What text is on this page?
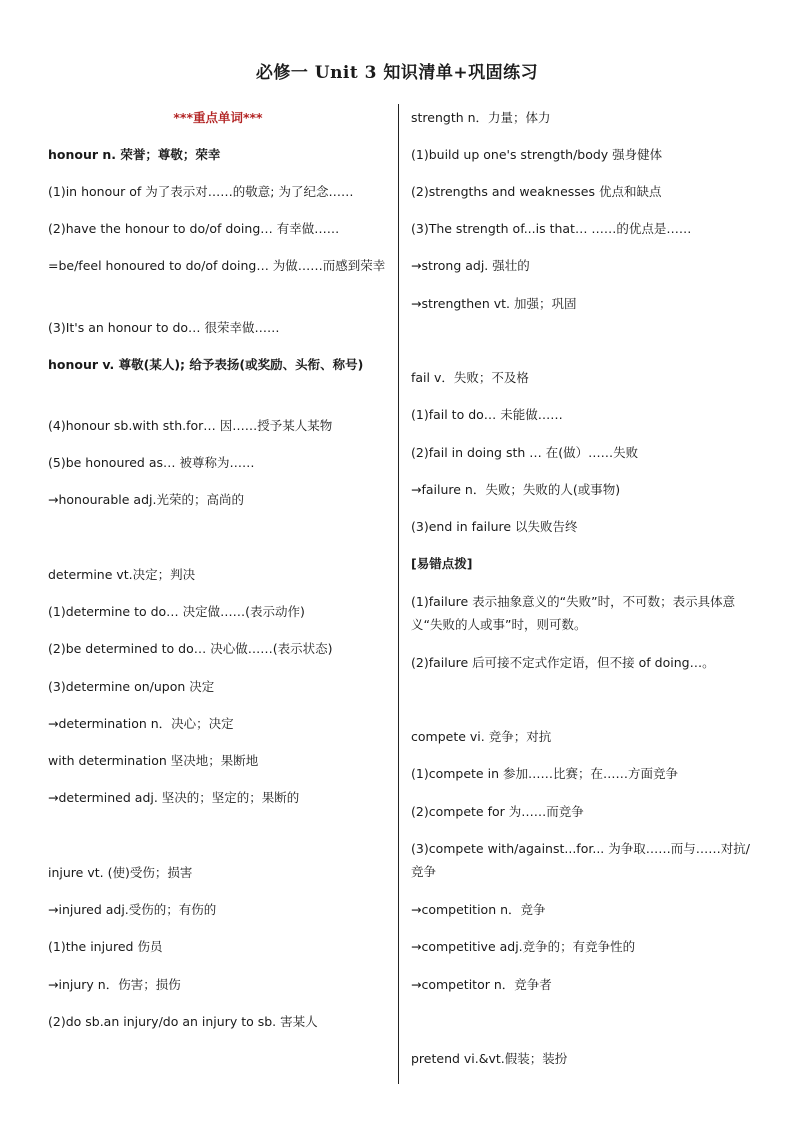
必修一 Unit 3 知识清单+巩固练习
***重点单词***
honour n. 荣誉；尊敬；荣幸
(1)in honour of 为了表示对……的敬意; 为了纪念……
(2)have the honour to do/of doing… 有幸做……
=be/feel honoured to do/of doing… 为做……而感到荣幸
(3)It's an honour to do… 很荣幸做……
honour v. 尊敬(某人); 给予表扬(或奖励、头衔、称号)
(4)honour sb.with sth.for… 因……授予某人某物
(5)be honoured as… 被尊称为……
→honourable adj.光荣的；高尚的
determine vt.决定；判决
(1)determine to do… 决定做……(表示动作)
(2)be determined to do… 决心做……(表示状态)
(3)determine on/upon 决定
→determination n．决心；决定
with determination 坚决地；果断地
→determined adj. 坚决的；坚定的；果断的
injure vt. (使)受伤；损害
→injured adj.受伤的；有伤的
(1)the injured 伤员
→injury n．伤害；损伤
(2)do sb.an injury/do an injury to sb. 害某人
strength n．力量；体力
(1)build up one's strength/body 强身健体
(2)strengths and weaknesses 优点和缺点
(3)The strength of...is that… ……的优点是……
→strong adj. 强壮的
→strengthen vt. 加强；巩固
fail v．失败；不及格
(1)fail to do… 未能做……
(2)fail in doing sth … 在(做）……失败
→failure n．失败；失败的人(或事物)
(3)end in failure 以失败告终
[易错点拨]
(1)failure 表示抽象意义的“失败”时，不可数；表示具体意义“失败的人或事”时，则可数。
(2)failure 后可接不定式作定语，但不接 of doing…。
compete vi. 竞争；对抗
(1)compete in 参加……比赛；在……方面竞争
(2)compete for 为……而竞争
(3)compete with/against...for... 为争取……而与……对抗/竞争
→competition n．竞争
→competitive adj.竞争的；有竞争性的
→competitor n．竞争者
pretend vi.&vt.假装；装扮
